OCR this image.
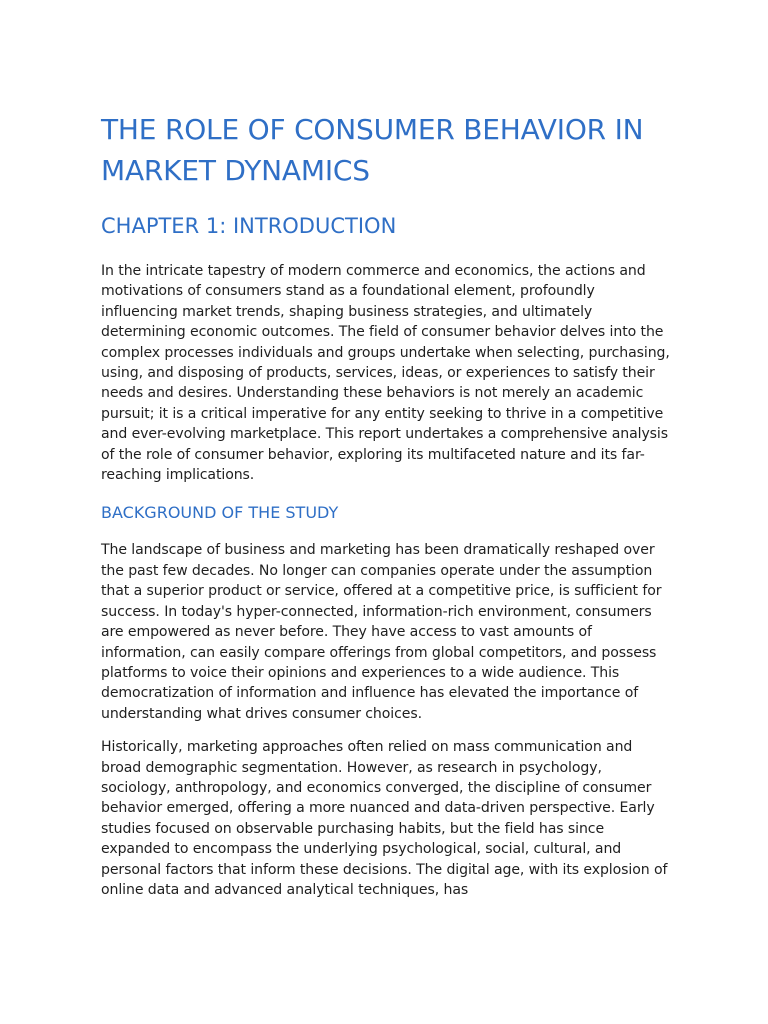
THE ROLE OF CONSUMER BEHAVIOR IN MARKET DYNAMICS
CHAPTER 1: INTRODUCTION

In the intricate tapestry of modern commerce and economics, the actions and motivations of consumers stand as a foundational element, profoundly influencing market trends, shaping business strategies, and ultimately determining economic outcomes. The field of consumer behavior delves into the complex processes individuals and groups undertake when selecting, purchasing, using, and disposing of products, services, ideas, or experiences to satisfy their needs and desires. Understanding these behaviors is not merely an academic pursuit; it is a critical imperative for any entity seeking to thrive in a competitive and ever-evolving marketplace. This report undertakes a comprehensive analysis of the role of consumer behavior, exploring its multifaceted nature and its far-reaching implications.

BACKGROUND OF THE STUDY

The landscape of business and marketing has been dramatically reshaped over the past few decades. No longer can companies operate under the assumption that a superior product or service, offered at a competitive price, is sufficient for success. In today's hyper-connected, information-rich environment, consumers are empowered as never before. They have access to vast amounts of information, can easily compare offerings from global competitors, and possess platforms to voice their opinions and experiences to a wide audience. This democratization of information and influence has elevated the importance of understanding what drives consumer choices.

Historically, marketing approaches often relied on mass communication and broad demographic segmentation. However, as research in psychology, sociology, anthropology, and economics converged, the discipline of consumer behavior emerged, offering a more nuanced and data-driven perspective. Early studies focused on observable purchasing habits, but the field has since expanded to encompass the underlying psychological, social, cultural, and personal factors that inform these decisions. The digital age, with its explosion of online data and advanced analytical techniques, has
